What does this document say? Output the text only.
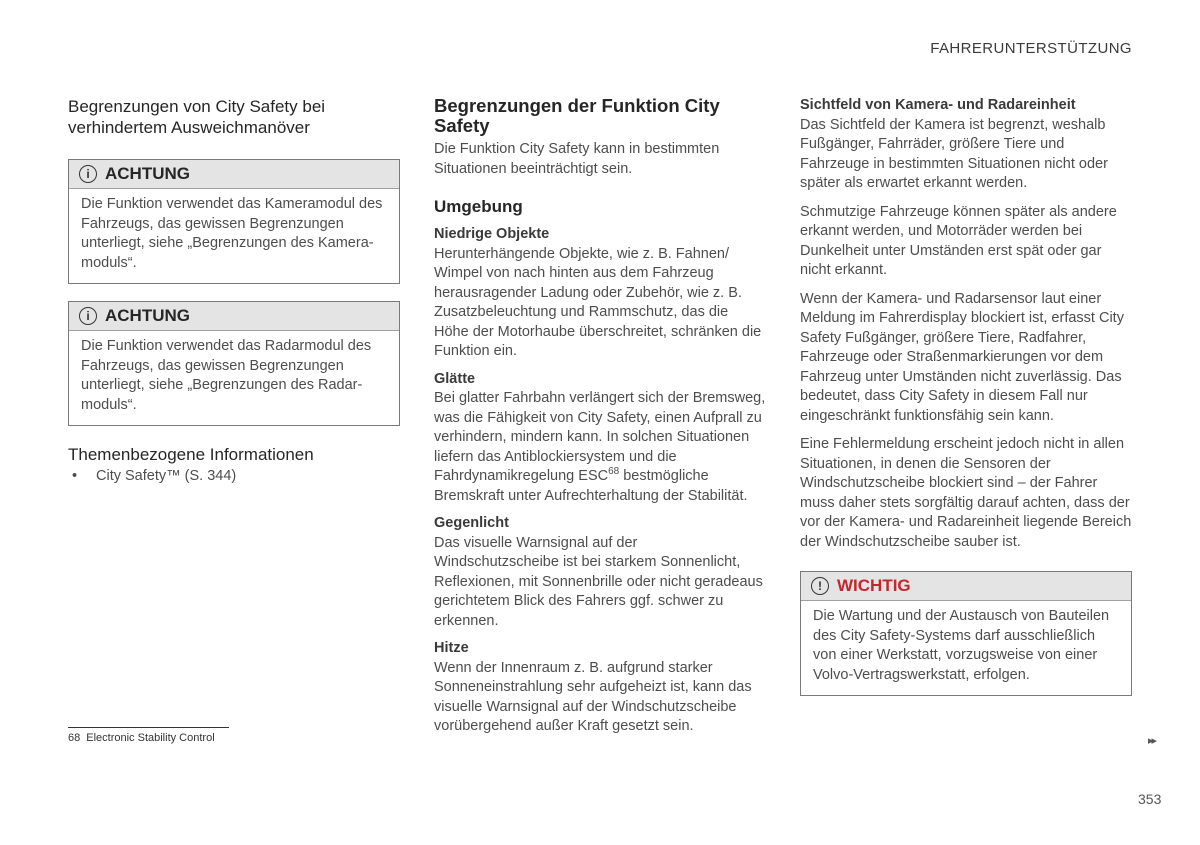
FAHRERUNTERSTÜTZUNG
Begrenzungen von City Safety bei verhindertem Ausweichmanöver
i ACHTUNG
Die Funktion verwendet das Kameramodul des Fahrzeugs, das gewissen Begrenzungen unterliegt, siehe „Begrenzungen des Kamera-moduls“.
i ACHTUNG
Die Funktion verwendet das Radarmodul des Fahrzeugs, das gewissen Begrenzungen unterliegt, siehe „Begrenzungen des Radar-moduls“.
Themenbezogene Informationen
•	City Safety™ (S. 344)
Begrenzungen der Funktion City Safety

Die Funktion City Safety kann in bestimmten Situationen beeinträchtigt sein.

Umgebung
Niedrige Objekte

Herunterhängende Objekte, wie z. B. Fahnen/ Wimpel von nach hinten aus dem Fahrzeug herausragender Ladung oder Zubehör, wie z. B. Zusatzbeleuchtung und Rammschutz, das die Höhe der Motorhaube überschreitet, schränken die Funktion ein.

Glätte

Bei glatter Fahrbahn verlängert sich der Bremsweg, was die Fähigkeit von City Safety, einen Aufprall zu verhindern, mindern kann. In solchen Situationen liefern das Antiblockiersystem und die Fahrdynamikregelung ESC$^{68}$ bestmögliche Bremskraft unter Aufrechterhaltung der Stabilität.

Gegenlicht

Das visuelle Warnsignal auf der Windschutzscheibe ist bei starkem Sonnenlicht, Reflexionen, mit Sonnenbrille oder nicht geradeaus gerichtetem Blick des Fahrers ggf. schwer zu erkennen.

Hitze

Wenn der Innenraum z. B. aufgrund starker Sonneneinstrahlung sehr aufgeheizt ist, kann das visuelle Warnsignal auf der Windschutzscheibe vorübergehend außer Kraft gesetzt sein.

Sichtfeld von Kamera- und Radareinheit

Das Sichtfeld der Kamera ist begrenzt, weshalb Fußgänger, Fahrräder, größere Tiere und Fahrzeuge in bestimmten Situationen nicht oder später als erwartet erkannt werden.

Schmutzige Fahrzeuge können später als andere erkannt werden, und Motorräder werden bei Dunkelheit unter Umständen erst spät oder gar nicht erkannt.

Wenn der Kamera- und Radarsensor laut einer Meldung im Fahrerdisplay blockiert ist, erfasst City Safety Fußgänger, größere Tiere, Radfahrer, Fahrzeuge oder Straßenmarkierungen vor dem Fahrzeug unter Umständen nicht zuverlässig. Das bedeutet, dass City Safety in diesem Fall nur eingeschränkt funktionsfähig sein kann.

Eine Fehlermeldung erscheint jedoch nicht in allen Situationen, in denen die Sensoren der Windschutzscheibe blockiert sind – der Fahrer muss daher stets sorgfältig darauf achten, dass der vor der Kamera- und Radareinheit liegende Bereich der Windschutzscheibe sauber ist.

! WICHTIG
Die Wartung und der Austausch von Bauteilen des City Safety-Systems darf ausschließlich von einer Werkstatt, vorzugsweise von einer Volvo-Vertragswerkstatt, erfolgen.
68 Electronic Stability Control	▸▸
353
